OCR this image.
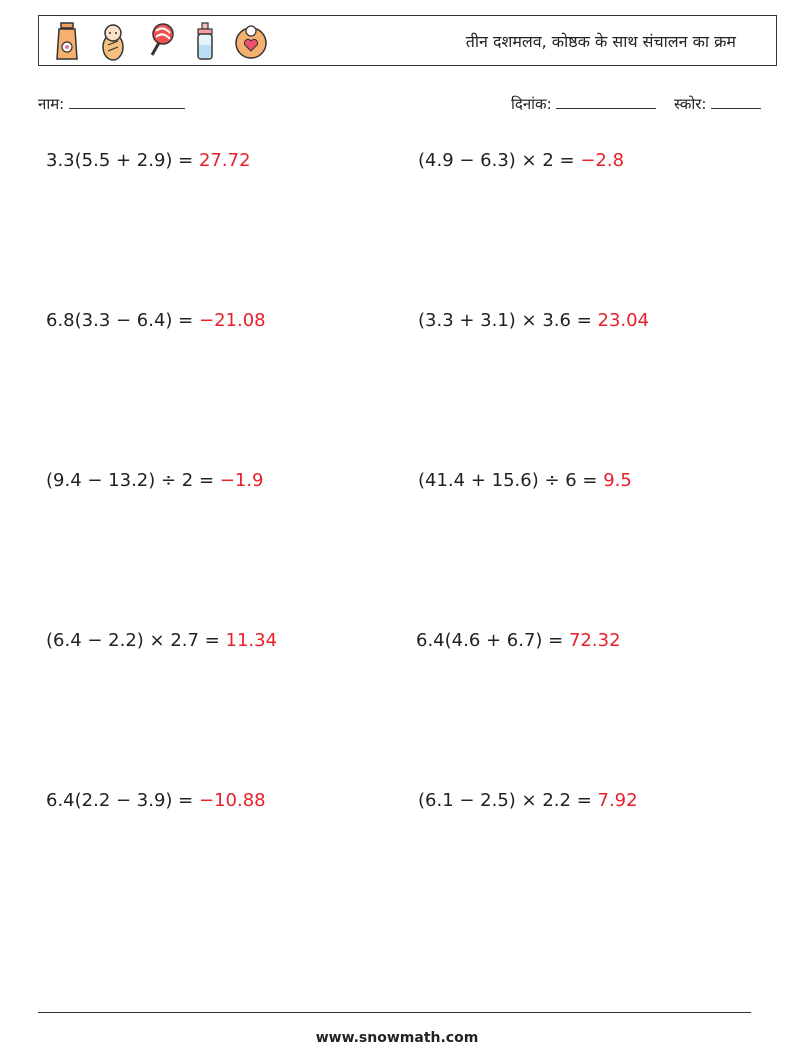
तीन दशमलव, कोष्ठक के साथ संचालन का क्रम
नाम:	दिनांक:	स्कोर:
3.3(5.5 + 2.9) = 27.72	(4.9 − 6.3) × 2 = −2.8
6.8(3.3 − 6.4) = −21.08	(3.3 + 3.1) × 3.6 = 23.04
(9.4 − 13.2) ÷ 2 = −1.9	(41.4 + 15.6) ÷ 6 = 9.5
(6.4 − 2.2) × 2.7 = 11.34	6.4(4.6 + 6.7) = 72.32
6.4(2.2 − 3.9) = −10.88	(6.1 − 2.5) × 2.2 = 7.92
www.snowmath.com
